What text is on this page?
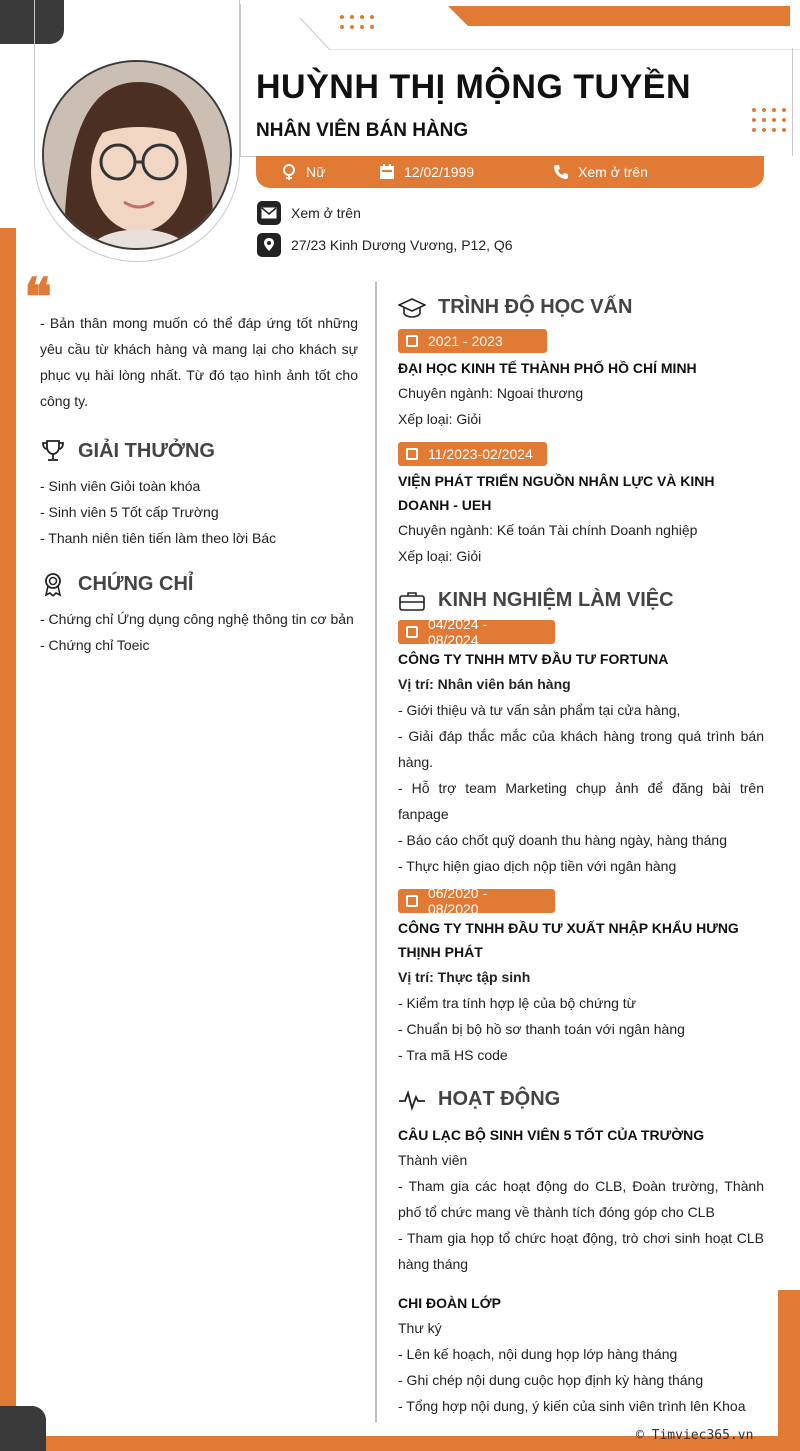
HUỲNH THỊ MỘNG TUYỀN
NHÂN VIÊN BÁN HÀNG
Nữ	12/02/1999	Xem ở trên
Xem ở trên
27/23 Kinh Dương Vương, P12, Q6
❝
- Bản thân mong muốn có thể đáp ứng tốt những yêu cầu từ khách hàng và mang lại cho khách sự phục vụ hài lòng nhất. Từ đó tạo hình ảnh tốt cho công ty.
GIẢI THƯỞNG
- Sinh viên Giỏi toàn khóa
- Sinh viên 5 Tốt cấp Trường
- Thanh niên tiên tiến làm theo lời Bác
CHỨNG CHỈ
- Chứng chỉ Ứng dụng công nghệ thông tin cơ bản
- Chứng chỉ Toeic
TRÌNH ĐỘ HỌC VẤN
2021 - 2023
ĐẠI HỌC KINH TẾ THÀNH PHỐ HỒ CHÍ MINH
Chuyên ngành: Ngoai thương
Xếp loại: Giỏi
11/2023-02/2024
VIỆN PHÁT TRIỂN NGUỒN NHÂN LỰC VÀ KINH DOANH - UEH
Chuyên ngành: Kế toán Tài chính Doanh nghiệp
Xếp loại: Giỏi
KINH NGHIỆM LÀM VIỆC
04/2024 - 08/2024
CÔNG TY TNHH MTV ĐẦU TƯ FORTUNA
Vị trí: Nhân viên bán hàng
- Giới thiệu và tư vấn sản phẩm tại cửa hàng,
- Giải đáp thắc mắc của khách hàng trong quá trình bán hàng.
- Hỗ trợ team Marketing chụp ảnh để đăng bài trên fanpage
- Báo cáo chốt quỹ doanh thu hàng ngày, hàng tháng
- Thực hiện giao dịch nộp tiền với ngân hàng
06/2020 - 08/2020
CÔNG TY TNHH ĐẦU TƯ XUẤT NHẬP KHẨU HƯNG THỊNH PHÁT
Vị trí: Thực tập sinh
- Kiểm tra tính hợp lệ của bộ chứng từ
- Chuẩn bị bộ hồ sơ thanh toán với ngân hàng
- Tra mã HS code
HOẠT ĐỘNG
CÂU LẠC BỘ SINH VIÊN 5 TỐT CỦA TRƯỜNG
Thành viên
- Tham gia các hoạt động do CLB, Đoàn trường, Thành phố tổ chức mang về thành tích đóng góp cho CLB
- Tham gia họp tổ chức hoạt động, trò chơi sinh hoạt CLB hàng tháng
CHI ĐOÀN LỚP
Thư ký
- Lên kế hoạch, nội dung họp lớp hàng tháng
- Ghi chép nội dung cuộc họp định kỳ hàng tháng
- Tổng hợp nội dung, ý kiến của sinh viên trình lên Khoa
© Timviec365.vn
